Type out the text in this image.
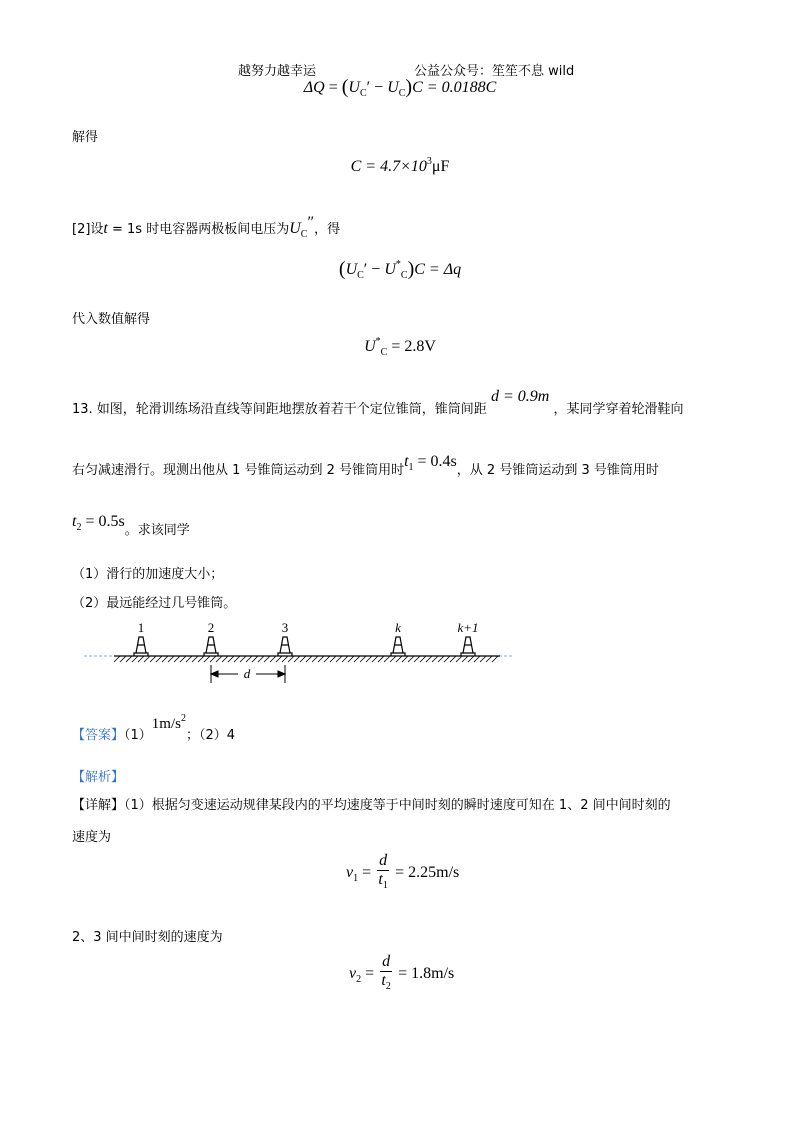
越努力越幸运	公益公众号：笙笙不息 wild
$\Delta Q = (U_C' - U_C)C = 0.0188C$
解得
$C = 4.7\times 10^3\mu F$
[2]设t = 1s 时电容器两极板间电压为$U_C''$，得
$(U_C' - U^*_C)C = \Delta q$
代入数值解得
$U^*_C = 2.8V$
13. 如图，轮滑训练场沿直线等间距地摆放着若干个定位锥筒，锥筒间距 d = 0.9m ，某同学穿着轮滑鞋向
右匀减速滑行。现测出他从 1 号锥筒运动到 2 号锥筒用时$t_1 = 0.4s$，从 2 号锥筒运动到 3 号锥筒用时
$t_2 = 0.5s$。求该同学
（1）滑行的加速度大小；
（2）最远能经过几号锥筒。
1	2	3	k	k+1
d
【答案】$(1)1m/s^2$；（2）4
【解析】
【详解】（1）根据匀变速运动规律某段内的平均速度等于中间时刻的瞬时速度可知在 1、2 间中间时刻的
速度为
$v_1 = \frac{d}{t_1} = 2.25m/s$
2、3 间中间时刻的速度为
$v_2 = \frac{d}{t_2} = 1.8m/s$
